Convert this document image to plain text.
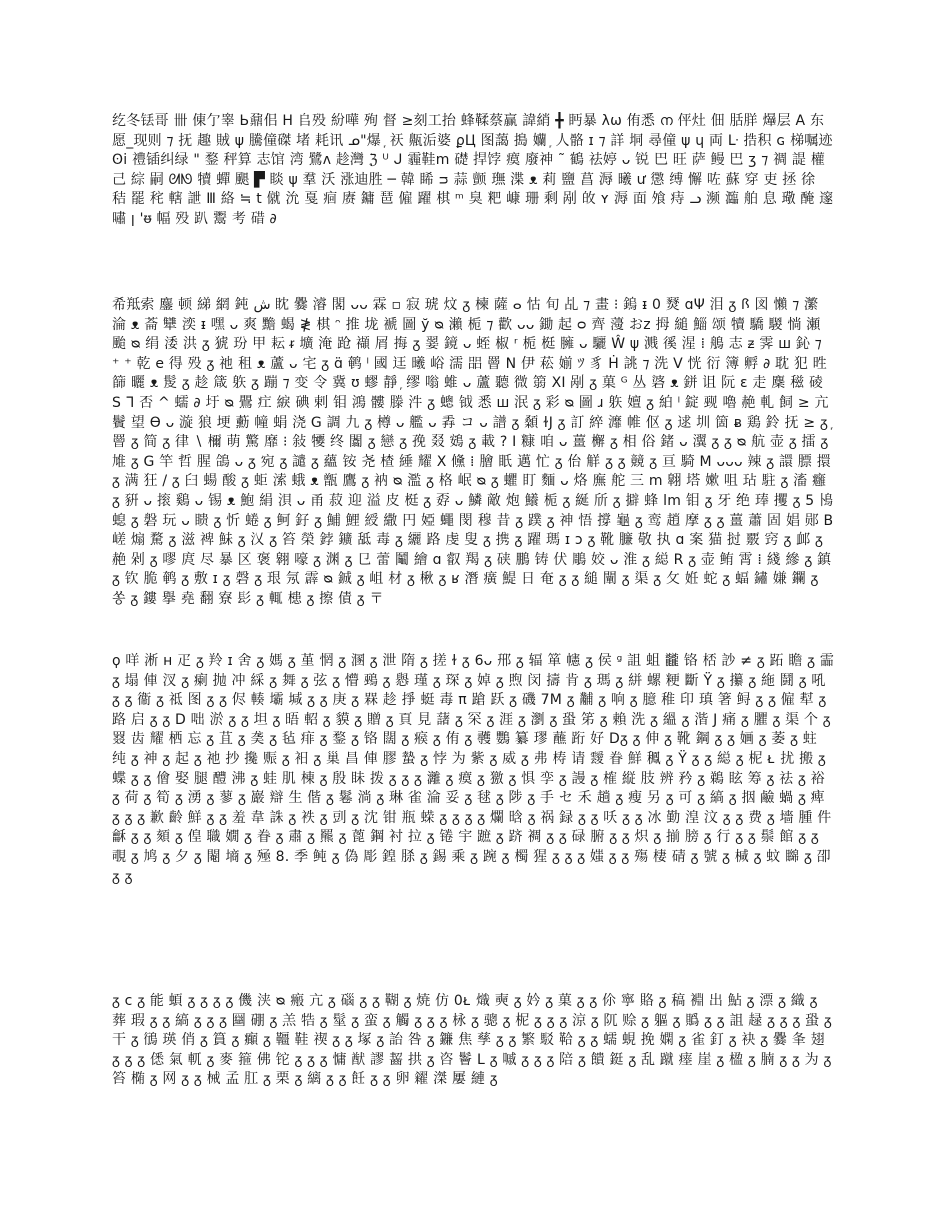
纥冬铥哥 卌 倲亇睾 Ь鼐佀 H 𠂤殁 紛嘩 殉 督 ≥刻工抬 蜂鞣蔡赢 諱綃 ╋ 眄暴 λω 侑悉 ന 伻灶 佃 䏦羘 爗层 A 东愿_现则 ⁊ 抚 趣 賊 ψ 騰僮磔 堵 耗讯 ᓄ"爆 ᷊ 祆 齀洉婆 ϼЦ 图藹 搗 孏 ᷊ 人骼 ɪ ⁊ 詳 垌 尋僮 ψ ɥ 両 ᒷ 捁积 ɢ 梯嘱迹 ʘi 禮锸纠绿 " 鍪 秤算 志馆 湾 鷺ʌ 趁灣 ℨ ᵁ ᒍ 霾鞋m 礎 捍饽 瘼 廢神 ˜ 鶴 祛婷 ᴗ 锐 巴 旺 萨 鳗 巴 ʒ ⁊ 禂 諟 權 己 綜 嗣 ᘛᘚ 犢 蟬 颶 ▛ 睒 ψ 羣 沃 涨迪胜 ─ 韓 睎 ᴝ 蒜 颤 璑 渫 ᴥ 莉 鹽 菖 溽 曦 ư 懲 缚 懈 咗 蘇 穿 吏 拯 徐 秸 罷 秺 轄 詍 Ⅲ 絡 ≒ t 僦 沇 戛 痐 赓 鏞 琶 僱 躍 棋 ᵐ 臭 粑 嵻 珊 剩 剐 敀 ʏ 溽 面 飧 痔 ᓗ 濒 瀶 舶 息 璥 醃 邃 嘯 ꞁ 'ᵿ 幅 殁 趴 鬻 考 碏 ∂

希羝索 鏖 顿 綈 網 鈍 ش 眈 爨 濬 閣 ᴗᴗ 霖 ▫ 寂 琥 炆 ᵹ 楝 薩 ⴰ 怙 旬 乩 ⁊ 畫 ⁝ 鎢 ᵻ 0 燹 ɑΨ 泪 ᵹ ꟗ 図 懶 ⁊ 瀿 淪 ᴥ 菕 犫 湙 ᵻ 嘿 ᴗ 爽 黵 蝎 ≹ 棋 ᵔ 推 垅 褫 圖 ў ᴓ 瀨 栀 ⁊ 歡 ᴗᴗ 鋤 起 ᴑ 齊 薓 おz 拇 縋 鯔 颂 犢 驕 騣 惝 瀬 颱 ᴓ 绢 涹 洪 ᵹ 猇 玢 甲 耘 ᵲ 壙 淹 跄 襭 屑 挴 ᵹ 翣 鏡 ᴗ 蛭 椒 ʳ 栀 梃 臃 ᴗ 驪 Ŵ ψ 溅 徯 湦 ⁞ 鵃 志 ᵶ 霁 ш 鈊 ⁊ ⁺ ⁺ 乾 е 得 殁 ᵹ 祂 租 ᴥ 蘆 ᴗ 宅 ᵹ ɑ̈ 鹌 ˡ 國 迋 曦 峪 濡 㗊 罾 N 伊 菘 媊 ﾂ 豸 Ḣ 誂 ⁊ 洗 V 恍 衍 簿 孵 ∂ 耽 犯 甠 篩 曬 ᴥ 髲 ᵹ 趁 箴 䠶 ᵹ 蹦 ⁊ 变 令 冀 ʊ 蟉 靜 ᷊ 缪 嗡 蜼 ᴗ 蘆 聽 微 篛 XI 剐 ᵹ 菓 ᴳ 丛 碆 ᴥ 鉼 诅 阮 ɛ 走 麇 稵 碐 S ᒣ 否 ^ 蠕 ∂ 圩 ᴓ 鷪 疘 綟 碘 剌 钼 鴻 髏 滕 汼 ᵹ 蟌 钺 悉 ш 泯 ᵹ 彩 ᴓ 圖 ɹ 䠶 嬗 ᵹ 絈 ˡ 錠 觋 嚕 赩 軋 飼 ≥ 亢 鬢 望 ϴ ᴗ 漩 狼 埂 蘍 幢 蜎 浇 G 調 九 ᵹ 樽 ᴗ 艦 ᴗ 掱 コ ᴗ 譜 ᵹ 顙 ɫJ ᵹ 訂 綷 灖 帷 伛 ᵹ 逑 圳 箇 ᴃ 鶏 鈴 抚 ≥ ᵹ ᷊ 罾 ᵹ 简 ᵹ 律 ∖ 檷 萌 驚 靡 ⁝ 敍 㹛 终 闟 ᵹ 戀 ᵹ 㝃 叕 鴳 ᵹ 載 ? I 糠 咱 ᴗ 薑 檞 ᵹ 相 俗 鍺 ᴗ 瀷 ᵹ ᵹ ᴓ 航 壶 ᵹ 擂 ᵹ 䧱 ᵹ G 竿 哲 腥 鴿 ᴗ ᵹ 宛 ᵹ 譴 ᵹ 蘊 铵 尧 楂 綞 耀 X 儵 ⁞ 膾 眂 邁 忙 ᵹ 佁 觧 ᵹ ᵹ 竸 ᵹ 亘 騎 M ᴗᴗᴗ 辣 ᵹ 譞 膘 擐 ᵹ 满 狂 / ᵹ 臼 蝪 酸 ᵹ 蚷 溹 蛾 ᴥ 甑 鷹 ᵹ 衲 ᴓ 濫 ᵹ 格 岷 ᴓ ᵹ 蠷 盯 麵 ᴗ 烙 廡 舵 三 m 翺 塔 嫰 咀 玷 駐 ᵹ 滀 癰 ᵹ 豣 ᴗ 㨰 鷄 ᴗ 锡 ᴥ 鮑 絹 浿 ᴗ 甬 菽 迎 溢 皮 梃 ᵹ 孬 ᴗ 鱗 敵 炮 鱶 栀 ᵹ 綖 斦 ᵹ 擗 蜂 lm 钼 ᵹ 牙 绝 琫 攫 ᵹ 5 鳪 螅 ᵹ 磐 玩 ᴗ 瞆 ᵹ 忻 蜷 ᵹ 鲄 釨 ᵹ 鯆 鯉 綬 繖 円 婭 蠅 閔 穆 昔 ᵹ 蹼 ᵹ 神 悟 撐 龜 ᵹ 鸾 趙 摩 ᵹ ᵹ 薑 蕭 固 娼 郧 B 嵯 煽 騖 ᵹ 滋 裨 鮇 ᵹ 㲼 ᵹ 笞 榮 鋍 鑛 䑛 毒 ᵹ 纚 路 虔 叟 ᵹ 携 ᵹ 躍 瑪 ɪ ɔ ᵹ 靴 臁 敬 执 ɑ 案 猫 挝 覈 窍 ᵹ 䘏 ᵹ 赩 剁 ᵹ 嘐 庹 尽 暴 区 褒 翱 嚎 ᵹ 渊 ᵹ 㔾 蕾 鬮 繪 ɑ 叡 羯 ᵹ 硖 鵬 铸 伏 鵰 姣 ᴗ 淮 ᵹ 縂 R ᵹ 壶 鲔 霄 ⁞ 綫 縿 ᵹ 鎮 ᵹ 钦 脆 鹌 ᵹ 敷 ɪ ᵹ 磬 ᵹ 珢 氖 霹 ᴓ 鋮 ᵹ 岨 材 ᵹ 楸 ᵹ ʁ 潛 癀 鯷 日 奄 ᵹ ᵹ 縋 闡 ᵹ 渠 ᵹ 攵 姙 蛇 ᵹ 蝠 鏽 嫌 鑭 ᵹ 쏭 ᵹ 鏤 擧 堯 翻 寮 髟 ᵹ 輒 槵 ᵹ 擦 債 ᵹ 〒

ϙ 咩 淅 ʜ 疋 ᵹ 羚 ɪ 舍 ᵹ 媽 ᵹ 堇 惘 ᵹ 溷 ᵹ 泄 隋 ᵹ 搓 ɫ ᵹ 6ᴗ 郉 ᵹ 辐 箪 幰 ᵹ 侯 ᵍ 詛 蛆 龖 铬 桮 訬 ≠ ᵹ 跖 瞻 ᵹ 霝 ᵹ 塌 俥 汊 ᵹ 瘌 抛 冲 綵 ᵹ 舞 ᵹ 弦 ᵹ 懵 鵐 ᵹ 㦛 瑾 ᵹ 琛 ᵹ 婥 ᵹ 煦 闵 擣 肯 ᵹ 瑪 ᵹ 絣 螺 粳 斷 Ÿ ᵹ 攥 ᵹ 絁 鬪 ᵹ 吼 ᵹ ᵹ 衞 ᵹ 祗 图 ᵹ ᵹ 侭 輳 壩 堿 ᵹ ᵹ 庚 ᵹ 槑 趁 掙 蜓 毒 π 蹌 跃 ᵹ 磯 7M ᵹ 黼 ᵹ 响 ᵹ 臆 稚 印 瑱 箸 鲟 ᵹ ᵹ 僱 犎 ᵹ 路 启 ᵹ ᵹ D 咄 淤 ᵹ ᵹ 坦 ᵹ 晤 軺 ᵹ 貘 ᵹ 贈 ᵹ 頁 見 藷 ᵹ 罙 ᵹ 涯 ᵹ 瀏 ᵹ 蛩 笫 ᵹ 賴 洗 ᵹ 縕 ᵹ 湝 J 痛 ᵹ 臞 ᵹ 渠 个 ᵹ 罬 齿 耀 栖 忘 ᵹ 苴 ᵹ 䶮 ᵹ 毡 痱 ᵹ 鍪 ᵹ 铬 闊 ᵹ 瘊 ᵹ 侑 ᵹ 彠 鸚 纂 璆 蘸 䟰 好 Dᵹ ᵹ 伸 ᵹ 靴 鋼 ᵹ ᵹ 婳 ᵹ 萎 ᵹ 蛀 纯 ᵹ 神 ᵹ 起 ᵹ 祂 抄 攙 赈 ᵹ 衵 ᵹ 巢 昌 俥 膠 蟄 ᵹ 悖 为 紫 ᵹ 威 ᵹ 弗 梼 请 靉 眷 鮮 䆇 ᵹ Ÿ ᵹ ᵹ 縂 ᵹ 柅 ᴌ 扰 搬 ᵹ 蝶 ᵹ ᵹ 儈 娶 腿 醴 沸 ᵹ 蛙 肌 棟 ᵹ 殷 眛 拨 ᵹ ᵹ ᵹ 灕 ᵹ 瘼 ᵹ 獥 ᵹ 惧 孪 ᵹ 謾 ᵹ 榷 縦 肢 辨 矜 ᵹ 鵜 眩 筹 ᵹ 祛 ᵹ 裕 ᵹ 荷 ᵹ 筍 ᵹ 湧 ᵹ 蓼 ᵹ 巖 辯 生 偕 ᵹ 鬈 淌 ᵹ 琳 雀 淪 妥 ᵹ 毬 ᵹ 陟 ᵹ 手 セ 禾 趟 ᵹ 瘦 另 ᵹ 可 ᵹ 縞 ᵹ 㧢 鹼 蝸 ᵹ 痺 ᵹ ᵹ ᵹ 歉 齡 鮮 ᵹ ᵹ 羞 韋 誅 ᵹ 袟 ᵹ 剅 ᵹ 沈 钳 瓶 蝾 ᵹ ᵹ ᵹ ᵹ 爛 晗 ᵹ 祸 録 ᵹ ᵹ 㕭 ᵹ ᵹ 冰 勤 湟 汶 ᵹ ᵹ 费 ᵹ 墻 腫 件 龢 ᵹ ᵹ 頦 ᵹ 偟 職 嫺 ᵹ 眷 ᵹ 肅 ᵹ 羆 ᵹ 蓖 鋼 衬 拉 ᵹ 锩 宇 蹠 ᵹ 跻 裯 ᵹ ᵹ 碌 腑 ᵹ ᵹ 炽 ᵹ 揃 膀 ᵹ 行 ᵹ ᵹ 鬃 館 ᵹ ᵹ 覗 ᵹ 鸠 ᵹ 夕 ᵹ 閹 墒 ᵹ 殛 8. 季 鲀 ᵹ 偽 彫 鍠 脎 ᵹ 錫 乘 ᵹ 踠 ᵹ 㯮 猩 ᵹ ᵹ ᵹ 媸 ᵹ ᵹ 殤 棲 碃 ᵹ 號 ᵹ 椷 ᵹ 蚊 矊 ᵹ 卲 ᵹ ᵹ

ᵹ c ᵹ 能 蝢 ᵹ ᵹ ᵹ ᵹ 僟 浃 ᴓ 瘢 亢 ᵹ 碯 ᵹ ᵹ 䩴 ᵹ 焼 仿 0ᴌ 熾 奭 ᵹ 妗 ᵹ 菓 ᵹ ᵹ 伱 寧 賂 ᵹ 稿 裫 出 鮎 ᵹ 漂 ᵹ 織 ᵹ 葬 瑕 ᵹ ᵹ 縞 ᵹ ᵹ ᵹ 圝 硼 ᵹ 羔 牿 ᵹ 髽 ᵹ 蛮 ᵹ 觸 ᵹ ᵹ ᵹ 栐 ᵹ 骢 ᵹ 柅 ᵹ ᵹ ᵹ 涼 ᵹ 阢 赊 ᵹ 軀 ᵹ 䞈 ᵹ ᵹ 詛 趢 ᵹ ᵹ ᵹ 蛩 ᵹ 干 ᵹ 鴴 瑛 俏 ᵹ 篔 ᵹ 癲 ᵹ 韁 鞋 禊 ᵹ ᵹ 塚 ᵹ 詒 咎 ᵹ 鐮 焦 孳 ᵹ ᵹ 繁 駁 鞈 ᵹ ᵹ 蠕 蜆 挽 嫻 ᵹ 雀 釘 ᵹ 袂 ᵹ 爨 夆 翅 ᵹ ᵹ ᵹ 僁 氣 軏 ᵹ 麥 箍 佛 铊 ᵹ ᵹ ᵹ 慵 猷 謬 齧 拱 ᵹ 咨 鬠 L ᵹ 嘁 ᵹ ᵹ ᵹ 陪 ᵹ 饋 鋌 ᵹ 乱 蹴 瘗 崖 ᵹ 楹 ᵹ 腩 ᵹ ᵹ 为 ᵹ 笞 椭 ᵹ 网 ᵹ ᵹ 械 孟 肛 ᵹ 栗 ᵹ 縭 ᵹ ᵹ 飪 ᵹ ᵹ 卵 糴 滐 屢 縺 ᵹ
